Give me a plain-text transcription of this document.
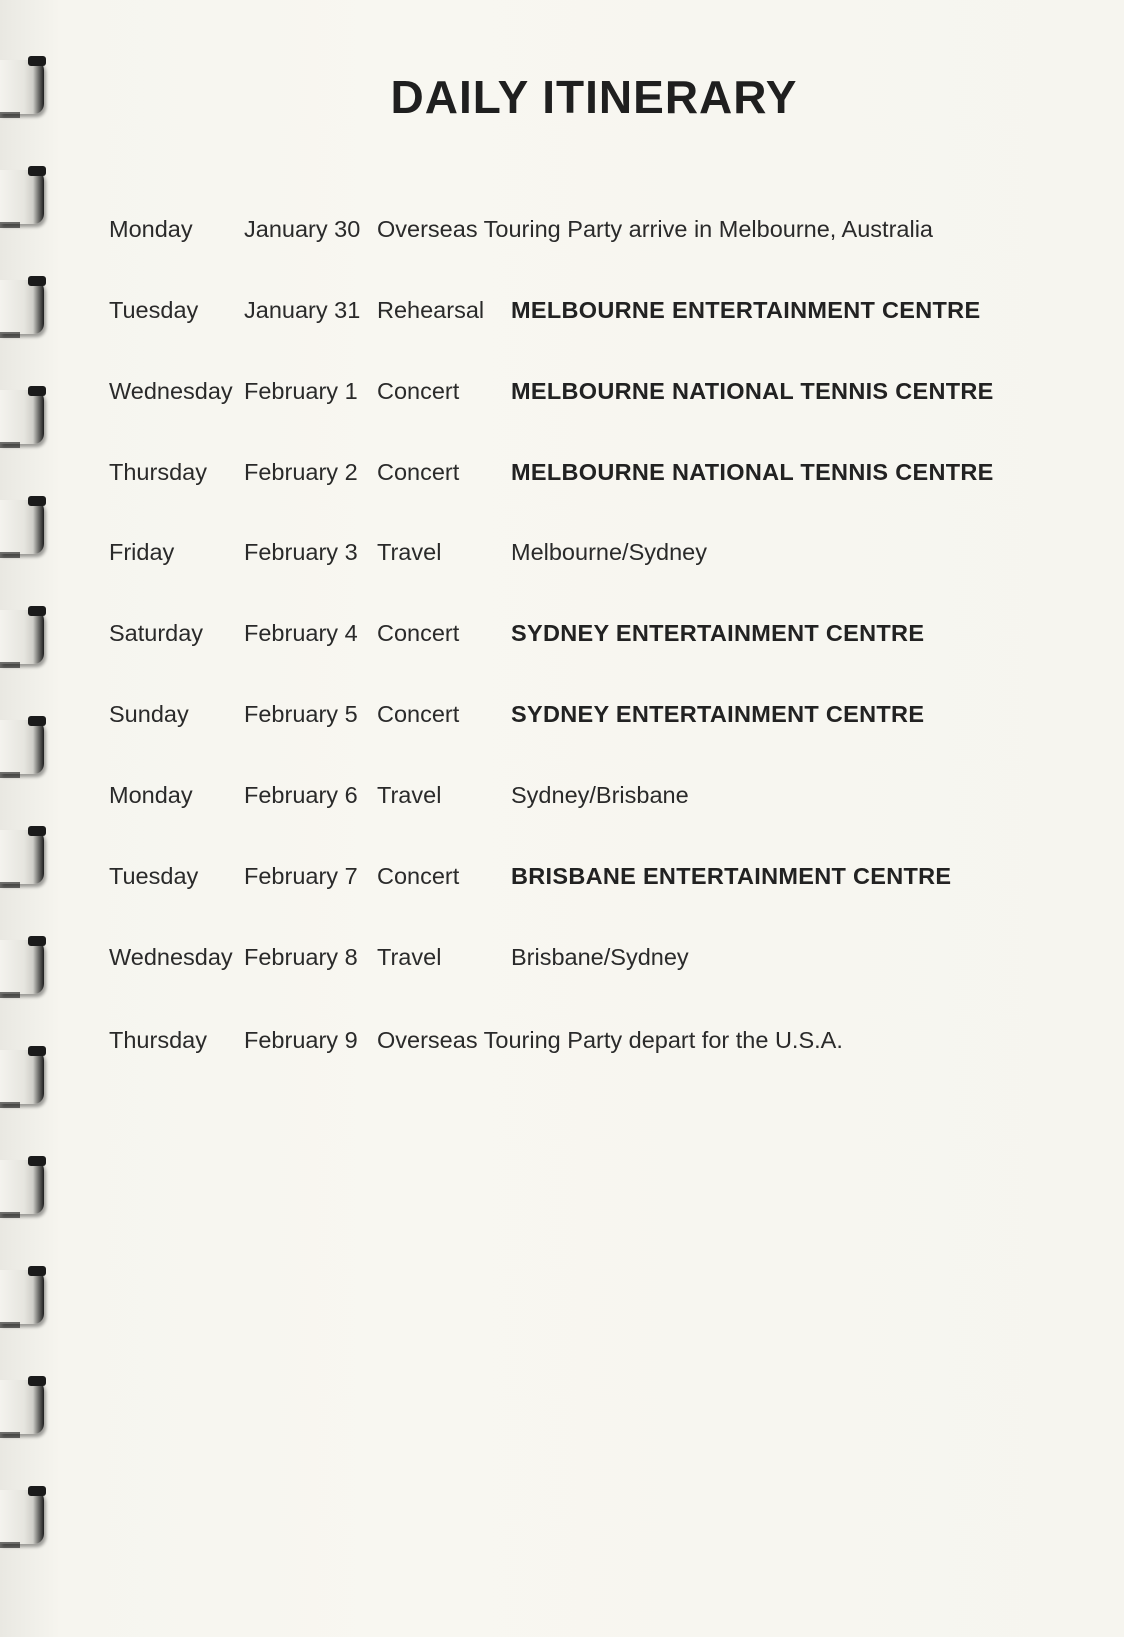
DAILY ITINERARY
Monday January 30 Overseas Touring Party arrive in Melbourne, Australia
Tuesday January 31 Rehearsal MELBOURNE ENTERTAINMENT CENTRE
Wednesday February 1 Concert MELBOURNE NATIONAL TENNIS CENTRE
Thursday February 2 Concert MELBOURNE NATIONAL TENNIS CENTRE
Friday	February 3 Travel	Melbourne/Sydney
Saturday February 4 Concert SYDNEY ENTERTAINMENT CENTRE
Sunday February 5 Concert SYDNEY ENTERTAINMENT CENTRE
Monday February 6 Travel	Sydney/Brisbane
Tuesday February 7 Concert BRISBANE ENTERTAINMENT CENTRE
Wednesday February 8 Travel	Brisbane/Sydney
Thursday February 9 Overseas Touring Party depart for the U.S.A.
